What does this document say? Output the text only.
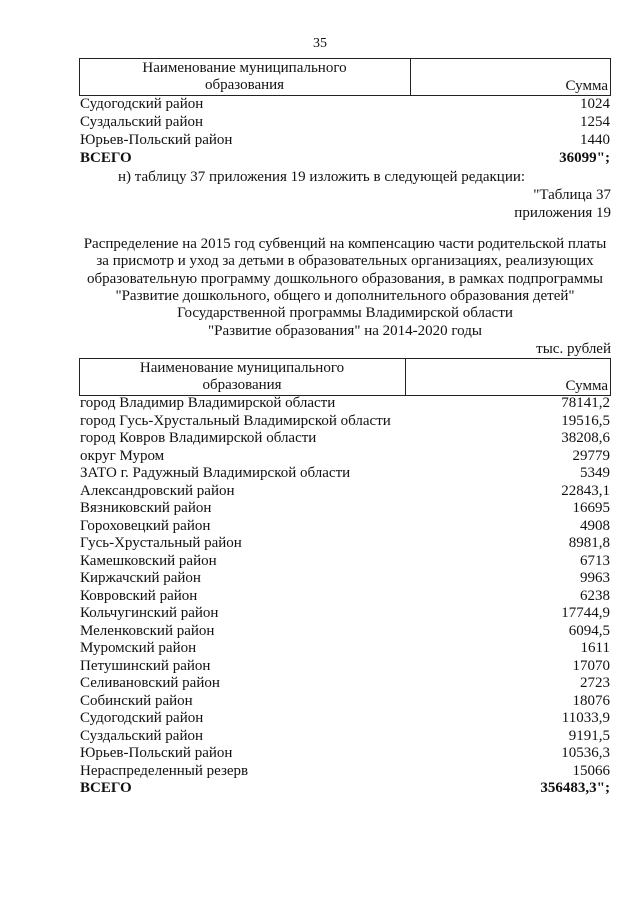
35
Наименование муниципального
образования	Сумма
Судогодский район	1024
Суздальский район	1254
Юрьев-Польский район	1440
ВСЕГО	36099";
н) таблицу 37 приложения 19 изложить в следующей редакции:
"Таблица 37
приложения 19
Распределение на 2015 год субвенций на компенсацию части родительской платы
за присмотр и уход за детьми в образовательных организациях, реализующих
образовательную программу дошкольного образования, в рамках подпрограммы
"Развитие дошкольного, общего и дополнительного образования детей"
Государственной программы Владимирской области
"Развитие образования" на 2014-2020 годы
тыс. рублей
Наименование муниципального
образования	Сумма
город Владимир Владимирской области	78141,2
город Гусь-Хрустальный Владимирской области	19516,5
город Ковров Владимирской области	38208,6
округ Муром	29779
ЗАТО г. Радужный Владимирской области	5349
Александровский район	22843,1
Вязниковский район	16695
Гороховецкий район	4908
Гусь-Хрустальный район	8981,8
Камешковский район	6713
Киржачский район	9963
Ковровский район	6238
Кольчугинский район	17744,9
Меленковский район	6094,5
Муромский район	1611
Петушинский район	17070
Селивановский район	2723
Собинский район	18076
Судогодский район	11033,9
Суздальский район	9191,5
Юрьев-Польский район	10536,3
Нераспределенный резерв	15066
ВСЕГО	356483,3";
